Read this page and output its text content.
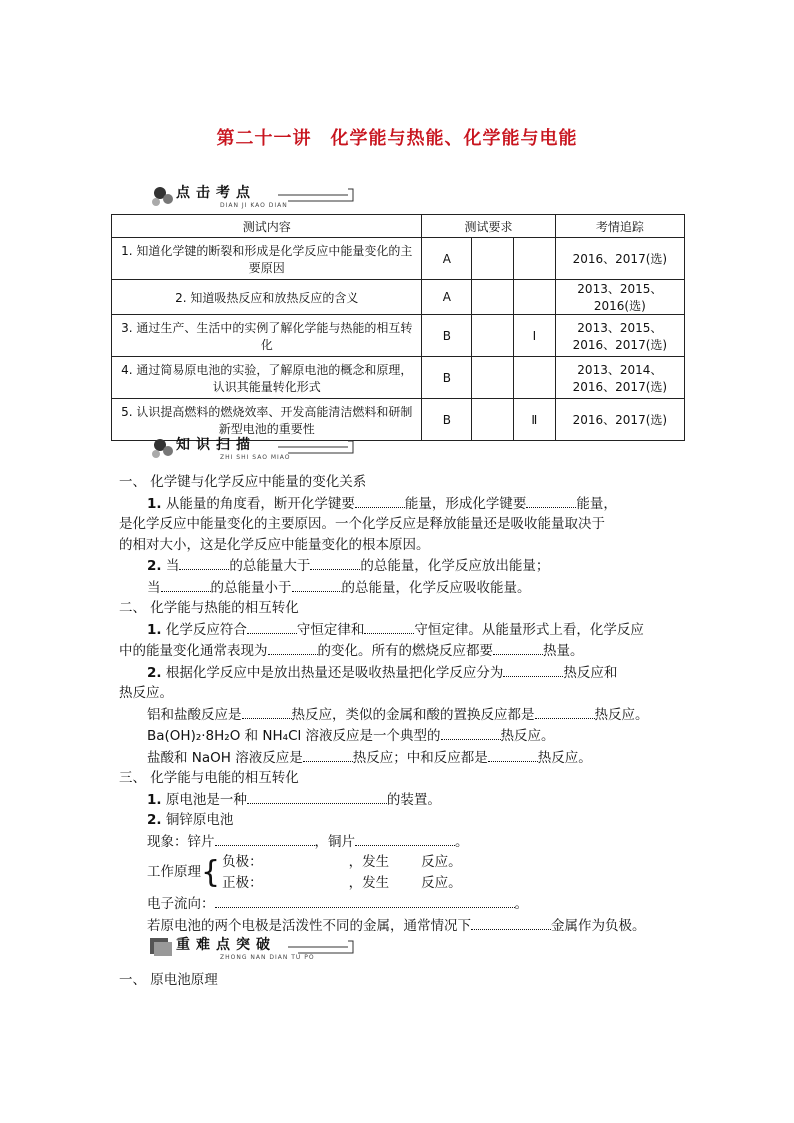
第二十一讲　化学能与热能、化学能与电能
点击考点
DIAN JI KAO DIAN
测试内容	测试要求			考情追踪
1. 知道化学键的断裂和形成是化学反应中能量变化的主要原因	A			2016、2017(选)
2. 知道吸热反应和放热反应的含义	A			2013、2015、2016(选)
3. 通过生产、生活中的实例了解化学能与热能的相互转化	B		Ⅰ	2013、2015、2016、2017(选)
4. 通过简易原电池的实验，了解原电池的概念和原理，认识其能量转化形式	B			2013、2014、2016、2017(选)
5. 认识提高燃料的燃烧效率、开发高能清洁燃料和研制新型电池的重要性	B		Ⅱ	2016、2017(选)
知识扫描
ZHI SHI SAO MIAO

一、 化学键与化学反应中能量的变化关系

1. 从能量的角度看，断开化学键要	能量，形成化学键要	能量，

是化学反应中能量变化的主要原因。一个化学反应是释放能量还是吸收能量取决于

的相对大小，这是化学反应中能量变化的根本原因。

2. 当	的总能量大于	的总能量，化学反应放出能量；

当	的总能量小于	的总能量，化学反应吸收能量。

二、 化学能与热能的相互转化

1. 化学反应符合	守恒定律和	守恒定律。从能量形式上看，化学反应

中的能量变化通常表现为	的变化。所有的燃烧反应都要	热量。

2. 根据化学反应中是放出热量还是吸收热量把化学反应分为	热反应和

热反应。

铝和盐酸反应是	热反应，类似的金属和酸的置换反应都是	热反应。

Ba(OH)₂·8H₂O 和 NH₄Cl 溶液反应是一个典型的	热反应。

盐酸和 NaOH 溶液反应是	热反应；中和反应都是	热反应。

三、 化学能与电能的相互转化

1. 原电池是一种	的装置。

2. 铜锌原电池

现象：锌片	，铜片	。

工作原理 { 负极：	，发生 反应。

正极：	，发生 反应。

电子流向：	。

若原电池的两个电极是活泼性不同的金属，通常情况下	金属作为负极。

重难点突破
ZHONG NAN DIAN TU PO

一、 原电池原理
